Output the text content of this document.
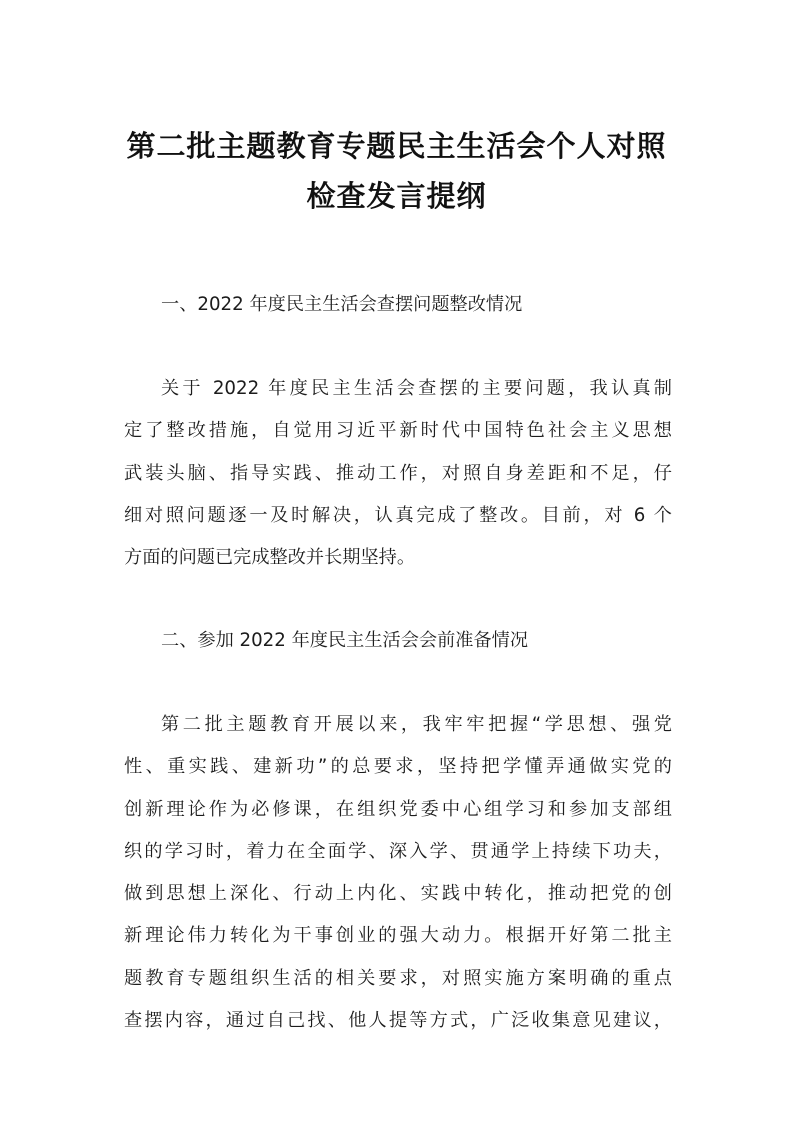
第二批主题教育专题民主生活会个人对照
检查发言提纲
一、2022 年度民主生活会查摆问题整改情况
关于 2022 年度民主生活会查摆的主要问题，我认真制
定了整改措施，自觉用习近平新时代中国特色社会主义思想
武装头脑、指导实践、推动工作，对照自身差距和不足，仔
细对照问题逐一及时解决，认真完成了整改。目前，对 6 个
方面的问题已完成整改并长期坚持。
二、参加 2022 年度民主生活会会前准备情况
第二批主题教育开展以来，我牢牢把握“学思想、强党
性、重实践、建新功”的总要求，坚持把学懂弄通做实党的
创新理论作为必修课，在组织党委中心组学习和参加支部组
织的学习时，着力在全面学、深入学、贯通学上持续下功夫，
做到思想上深化、行动上内化、实践中转化，推动把党的创
新理论伟力转化为干事创业的强大动力。根据开好第二批主
题教育专题组织生活的相关要求，对照实施方案明确的重点
查摆内容，通过自己找、他人提等方式，广泛收集意见建议，
